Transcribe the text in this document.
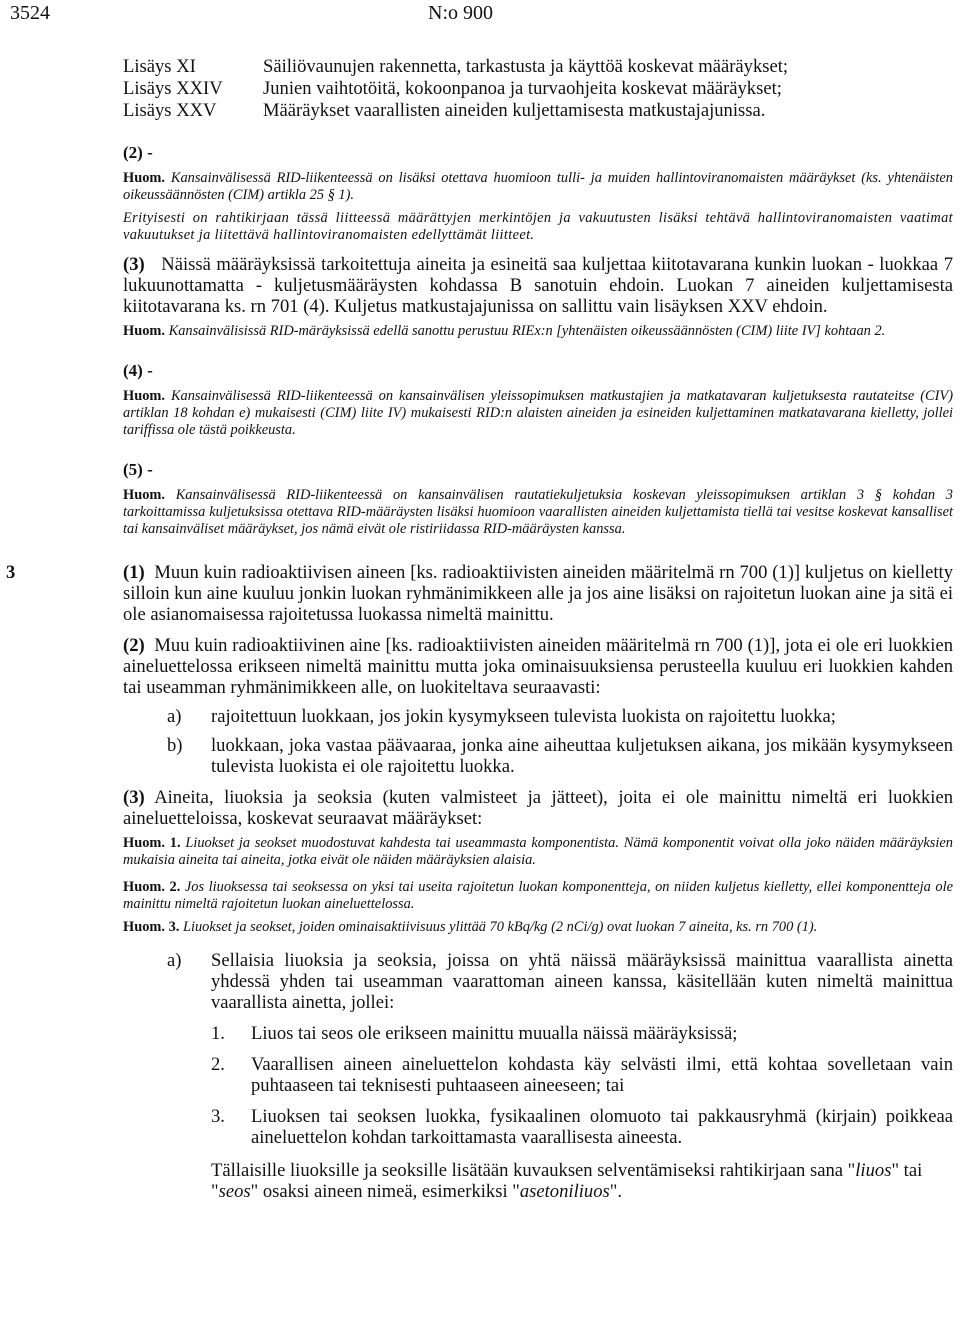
3524	N:o 900
Lisäys XI	Säiliövaunujen rakennetta, tarkastusta ja käyttöä koskevat määräykset;
Lisäys XXIV	Junien vaihtotöitä, kokoonpanoa ja turvaohjeita koskevat määräykset;
Lisäys XXV	Määräykset vaarallisten aineiden kuljettamisesta matkustajajunissa.
(2) -
Huom. Kansainvälisessä RID-liikenteessä on lisäksi otettava huomioon tulli- ja muiden hallintoviranomaisten määräykset (ks. yhtenäisten oikeussäännösten (CIM) artikla 25 § 1).
Erityisesti on rahtikirjaan tässä liitteessä määrättyjen merkintöjen ja vakuutusten lisäksi tehtävä hallintoviranomaisten vaatimat vakuutukset ja liitettävä hallintoviranomaisten edellyttämät liitteet.
(3) Näissä määräyksissä tarkoitettuja aineita ja esineitä saa kuljettaa kiitotavarana kunkin luokan - luokkaa 7 lukuunottamatta - kuljetusmääräysten kohdassa B sanotuin ehdoin. Luokan 7 aineiden kuljettamisesta kiitotavarana ks. rn 701 (4). Kuljetus matkustajajunissa on sallittu vain lisäyksen XXV ehdoin.
Huom. Kansainvälisissä RID-märäyksissä edellä sanottu perustuu RIEx:n [yhtenäisten oikeussäännösten (CIM) liite IV] kohtaan 2.
(4) -
Huom. Kansainvälisessä RID-liikenteessä on kansainvälisen yleissopimuksen matkustajien ja matkatavaran kuljetuksesta rautateitse (CIV) artiklan 18 kohdan e) mukaisesti (CIM) liite IV) mukaisesti RID:n alaisten aineiden ja esineiden kuljettaminen matkatavarana kielletty, jollei tariffissa ole tästä poikkeusta.
(5) -
Huom. Kansainvälisessä RID-liikenteessä on kansainvälisen rautatiekuljetuksia koskevan yleissopimuksen artiklan 3 § kohdan 3 tarkoittamissa kuljetuksissa otettava RID-määräysten lisäksi huomioon vaarallisten aineiden kuljettamista tiellä tai vesitse koskevat kansalliset tai kansainväliset määräykset, jos nämä eivät ole ristiriidassa RID-määräysten kanssa.
3	(1) Muun kuin radioaktiivisen aineen [ks. radioaktiivisten aineiden määritelmä rn 700 (1)] kuljetus on kielletty silloin kun aine kuuluu jonkin luokan ryhmänimikkeen alle ja jos aine lisäksi on rajoitetun luokan aine ja sitä ei ole asianomaisessa rajoitetussa luokassa nimeltä mainittu.
(2) Muu kuin radioaktiivinen aine [ks. radioaktiivisten aineiden määritelmä rn 700 (1)], jota ei ole eri luokkien aineluettelossa erikseen nimeltä mainittu mutta joka ominaisuuksiensa perusteella kuuluu eri luokkien kahden tai useamman ryhmänimikkeen alle, on luokiteltava seuraavasti:
a)	rajoitettuun luokkaan, jos jokin kysymykseen tulevista luokista on rajoitettu luokka;
b)	luokkaan, joka vastaa päävaaraa, jonka aine aiheuttaa kuljetuksen aikana, jos mikään kysymykseen tulevista luokista ei ole rajoitettu luokka.
(3) Aineita, liuoksia ja seoksia (kuten valmisteet ja jätteet), joita ei ole mainittu nimeltä eri luokkien aineluetteloissa, koskevat seuraavat määräykset:
Huom. 1. Liuokset ja seokset muodostuvat kahdesta tai useammasta komponentista. Nämä komponentit voivat olla joko näiden määräyksien mukaisia aineita tai aineita, jotka eivät ole näiden määräyksien alaisia.
Huom. 2. Jos liuoksessa tai seoksessa on yksi tai useita rajoitetun luokan komponentteja, on niiden kuljetus kielletty, ellei komponentteja ole mainittu nimeltä rajoitetun luokan aineluettelossa.
Huom. 3. Liuokset ja seokset, joiden ominaisaktiivisuus ylittää 70 kBq/kg (2 nCi/g) ovat luokan 7 aineita, ks. rn 700 (1).
a)	Sellaisia liuoksia ja seoksia, joissa on yhtä näissä määräyksissä mainittua vaarallista ainetta yhdessä yhden tai useamman vaarattoman aineen kanssa, käsitellään kuten nimeltä mainittua vaarallista ainetta, jollei:
1.	Liuos tai seos ole erikseen mainittu muualla näissä määräyksissä;
2.	Vaarallisen aineen aineluettelon kohdasta käy selvästi ilmi, että kohtaa sovelletaan vain puhtaaseen tai teknisesti puhtaaseen aineeseen; tai
3.	Liuoksen tai seoksen luokka, fysikaalinen olomuoto tai pakkausryhmä (kirjain) poikkeaa aineluettelon kohdan tarkoittamasta vaarallisesta aineesta.
Tällaisille liuoksille ja seoksille lisätään kuvauksen selventämiseksi rahtikirjaan sana "liuos" tai "seos" osaksi aineen nimeä, esimerkiksi "asetoniliuos".
